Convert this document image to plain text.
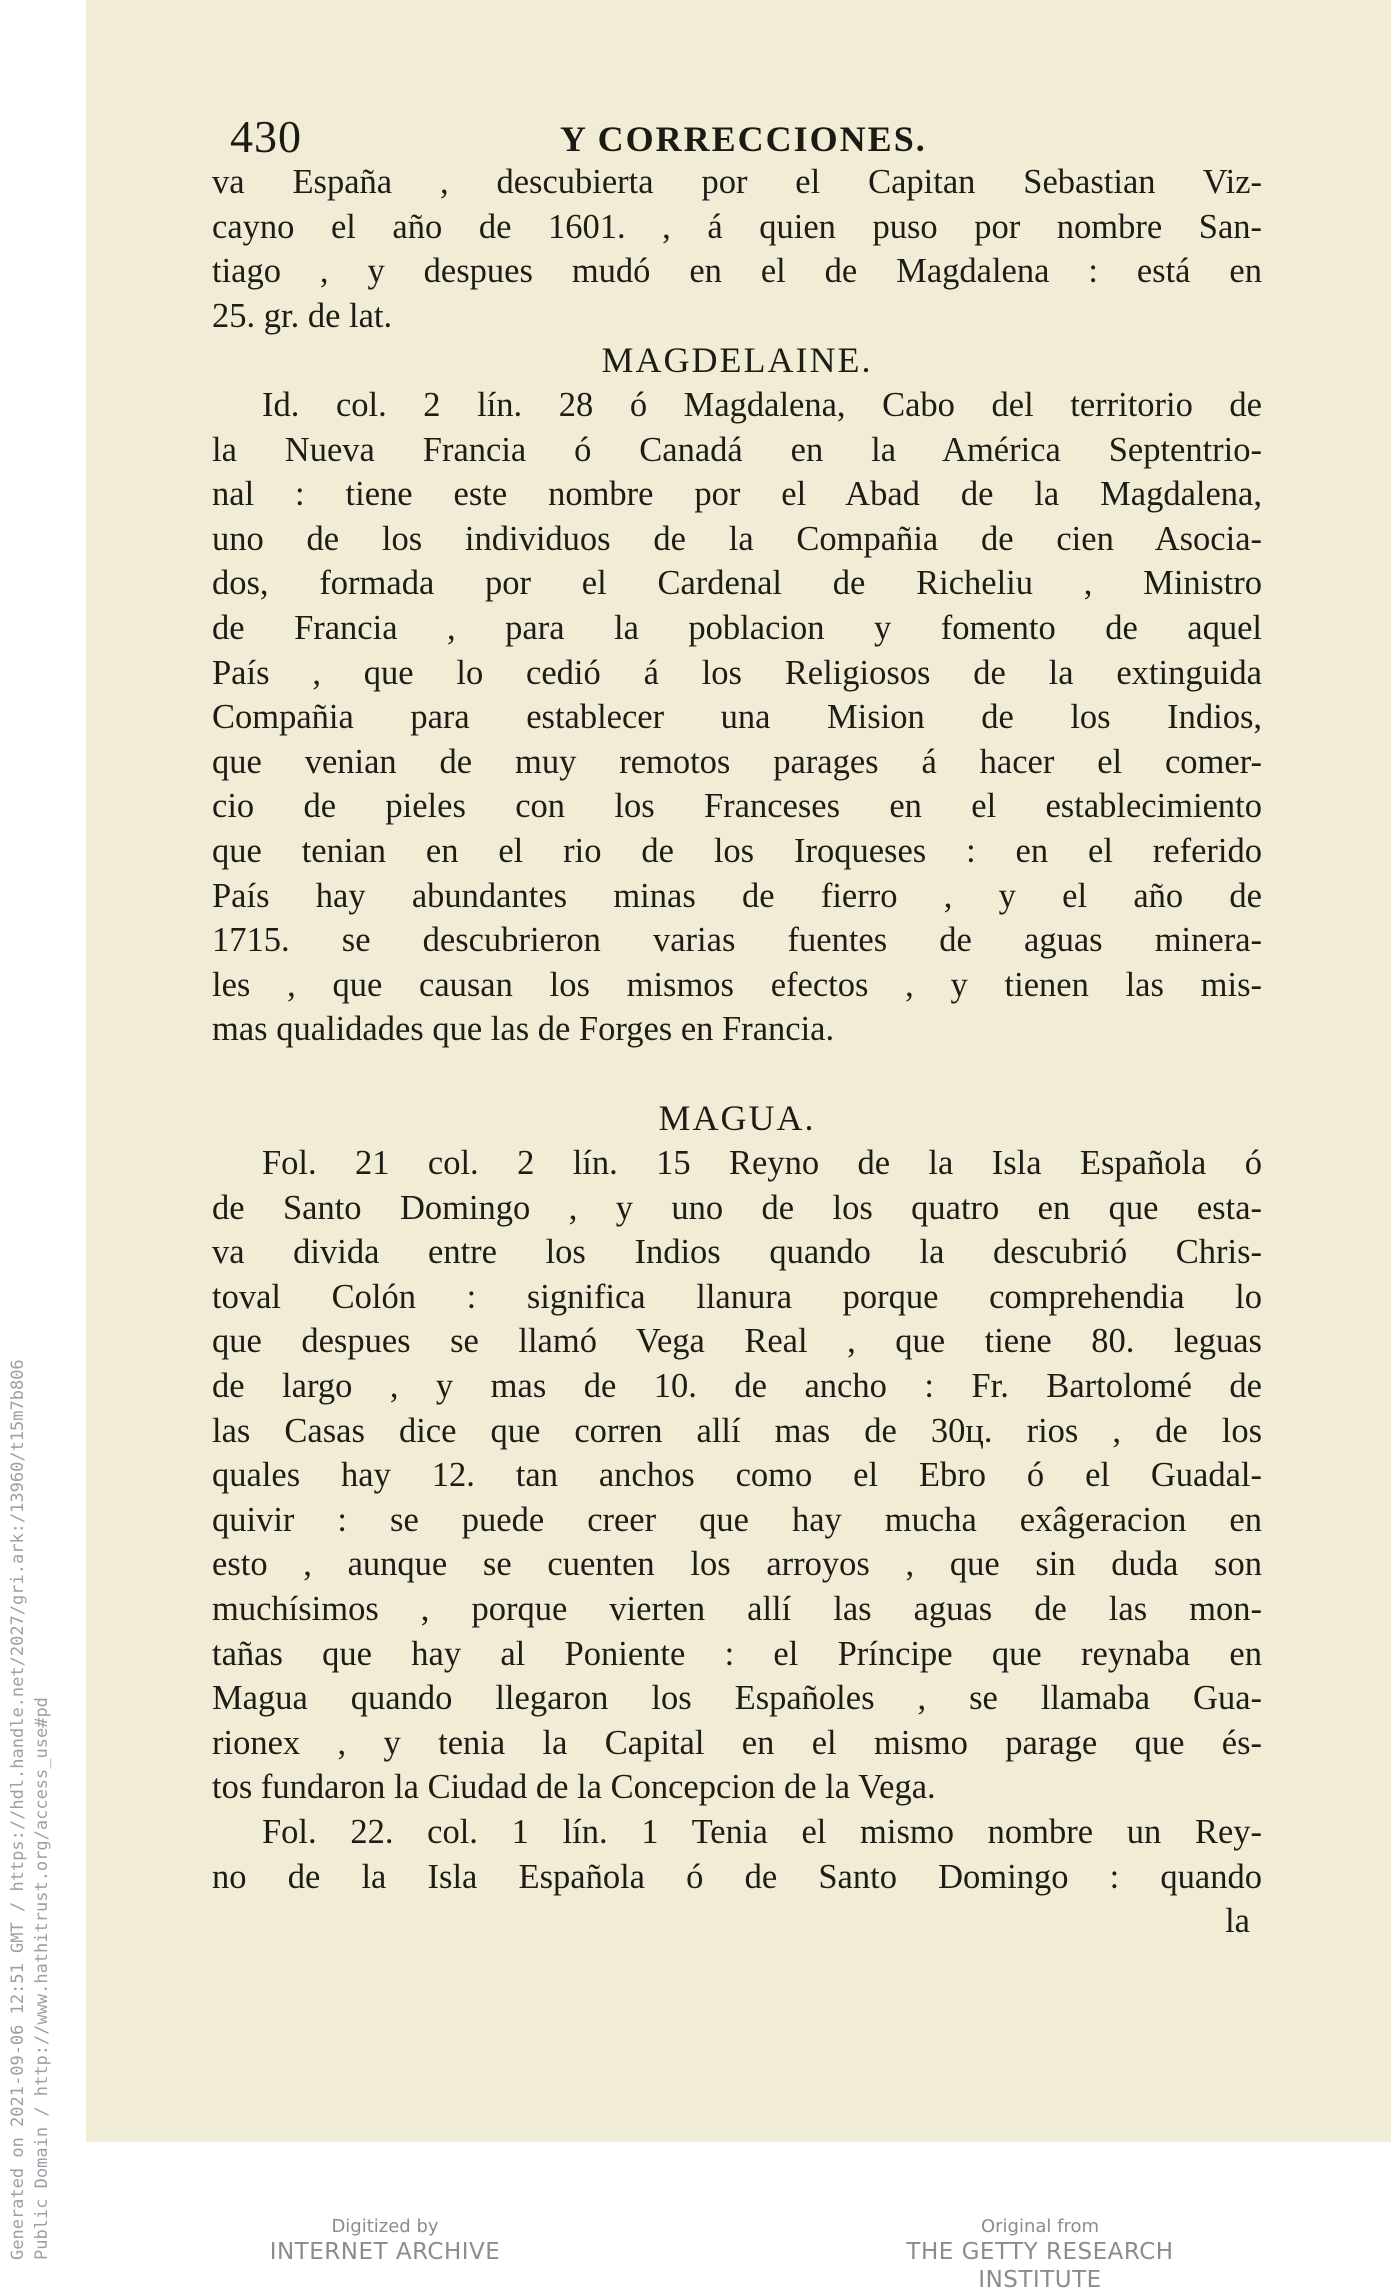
Generated on 2021-09-06 12:51 GMT / https://hdl.handle.net/2027/gri.ark:/13960/t15m7b806 Public Domain / http://www.hathitrust.org/access_use#pd
430	Y CORRECCIONES.
va España , descubierta por el Capitan Sebastian Viz-
cayno el año de 1601. , á quien puso por nombre San-
tiago , y despues mudó en el de Magdalena : está en
25. gr. de lat.
MAGDELAINE.
Id. col. 2 lín. 28 ó Magdalena, Cabo del territorio de
la Nueva Francia ó Canadá en la América Septentrio-
nal : tiene este nombre por el Abad de la Magdalena,
uno de los individuos de la Compañia de cien Asocia-
dos, formada por el Cardenal de Richeliu , Ministro
de Francia , para la poblacion y fomento de aquel
País , que lo cedió á los Religiosos de la extinguida
Compañia para establecer una Mision de los Indios,
que venian de muy remotos parages á hacer el comer-
cio de pieles con los Franceses en el establecimiento
que tenian en el rio de los Iroqueses : en el referido
País hay abundantes minas de fierro , y el año de
1715. se descubrieron varias fuentes de aguas minera-
les , que causan los mismos efectos , y tienen las mis-
mas qualidades que las de Forges en Francia.
MAGUA.
Fol. 21 col. 2 lín. 15 Reyno de la Isla Española ó
de Santo Domingo , y uno de los quatro en que esta-
va divida entre los Indios quando la descubrió Chris-
toval Colón : significa llanura porque comprehendia lo
que despues se llamó Vega Real , que tiene 80. leguas
de largo , y mas de 10. de ancho : Fr. Bartolomé de
las Casas dice que corren allí mas de 30ц. rios , de los
quales hay 12. tan anchos como el Ebro ó el Guadal-
quivir : se puede creer que hay mucha exâgeracion en
esto , aunque se cuenten los arroyos , que sin duda son
muchísimos , porque vierten allí las aguas de las mon-
tañas que hay al Poniente : el Príncipe que reynaba en
Magua quando llegaron los Españoles , se llamaba Gua-
rionex , y tenia la Capital en el mismo parage que és-
tos fundaron la Ciudad de la Concepcion de la Vega.
Fol. 22. col. 1 lín. 1 Tenia el mismo nombre un Rey-
no de la Isla Española ó de Santo Domingo : quando
la
Digitized by
INTERNET ARCHIVE
Original from
THE GETTY RESEARCH INSTITUTE
